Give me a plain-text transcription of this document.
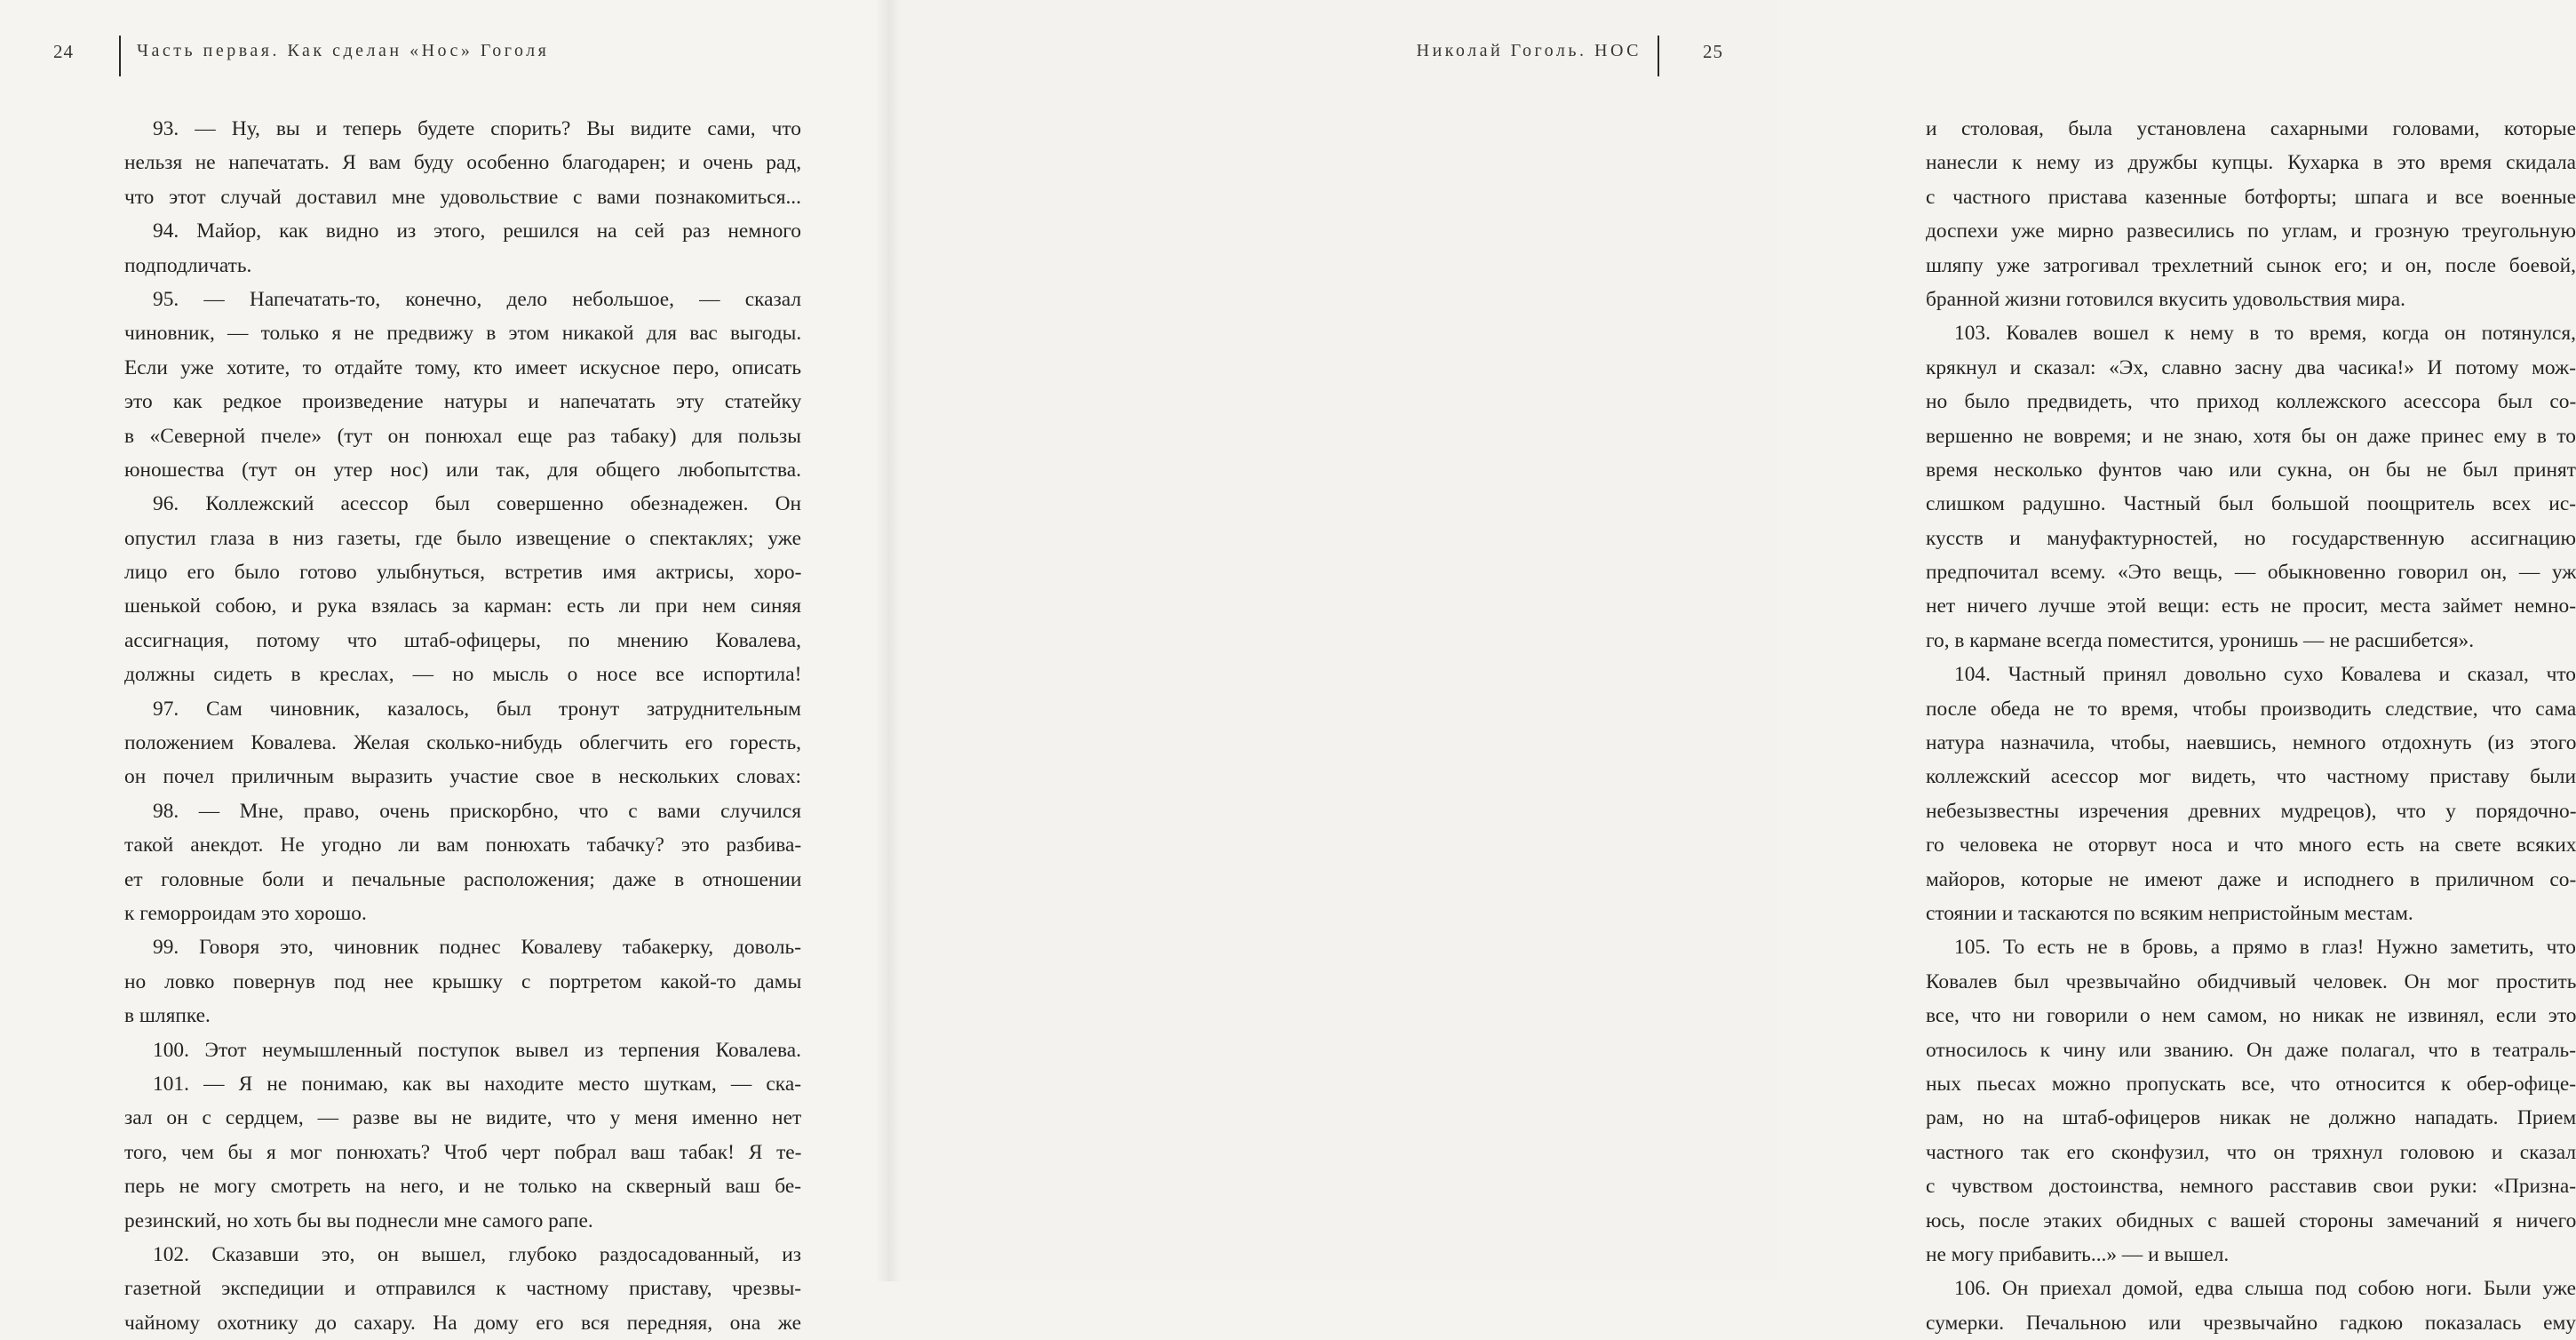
24	Часть первая. Как сделан «Нос» Гоголя
93. — Ну, вы и теперь будете спорить? Вы видите сами, что
нельзя не напечатать. Я вам буду особенно благодарен; и очень рад,
что этот случай доставил мне удовольствие с вами познакомиться...
94. Майор, как видно из этого, решился на сей раз немного
подподличать.
95. — Напечатать-то, конечно, дело небольшое, — сказал
чиновник, — только я не предвижу в этом никакой для вас выгоды.
Если уже хотите, то отдайте тому, кто имеет искусное перо, описать
это как редкое произведение натуры и напечатать эту статейку
в «Северной пчеле» (тут он понюхал еще раз табаку) для пользы
юношества (тут он утер нос) или так, для общего любопытства.
96. Коллежский асессор был совершенно обезнадежен. Он
опустил глаза в низ газеты, где было извещение о спектаклях; уже
лицо его было готово улыбнуться, встретив имя актрисы, хоро-
шенькой собою, и рука взялась за карман: есть ли при нем синяя
ассигнация, потому что штаб-офицеры, по мнению Ковалева,
должны сидеть в креслах, — но мысль о носе все испортила!
97. Сам чиновник, казалось, был тронут затруднительным
положением Ковалева. Желая сколько-нибудь облегчить его горесть,
он почел приличным выразить участие свое в нескольких словах:
98. — Мне, право, очень прискорбно, что с вами случился
такой анекдот. Не угодно ли вам понюхать табачку? это разбива-
ет головные боли и печальные расположения; даже в отношении
к геморроидам это хорошо.
99. Говоря это, чиновник поднес Ковалеву табакерку, доволь-
но ловко повернув под нее крышку с портретом какой-то дамы
в шляпке.
100. Этот неумышленный поступок вывел из терпения Ковалева.
101. — Я не понимаю, как вы находите место шуткам, — ска-
зал он с сердцем, — разве вы не видите, что у меня именно нет
того, чем бы я мог понюхать? Чтоб черт побрал ваш табак! Я те-
перь не могу смотреть на него, и не только на скверный ваш бе-
резинский, но хоть бы вы поднесли мне самого рапе.
102. Сказавши это, он вышел, глубоко раздосадованный, из
газетной экспедиции и отправился к частному приставу, чрезвы-
чайному охотнику до сахару. На дому его вся передняя, она же
Николай Гоголь. НОС	25
и столовая, была установлена сахарными головами, которые
нанесли к нему из дружбы купцы. Кухарка в это время скидала
с частного пристава казенные ботфорты; шпага и все военные
доспехи уже мирно развесились по углам, и грозную треугольную
шляпу уже затрогивал трехлетний сынок его; и он, после боевой,
бранной жизни готовился вкусить удовольствия мира.
103. Ковалев вошел к нему в то время, когда он потянулся,
крякнул и сказал: «Эх, славно засну два часика!» И потому мож-
но было предвидеть, что приход коллежского асессора был со-
вершенно не вовремя; и не знаю, хотя бы он даже принес ему в то
время несколько фунтов чаю или сукна, он бы не был принят
слишком радушно. Частный был большой поощритель всех ис-
кусств и мануфактурностей, но государственную ассигнацию
предпочитал всему. «Это вещь, — обыкновенно говорил он, — уж
нет ничего лучше этой вещи: есть не просит, места займет немно-
го, в кармане всегда поместится, уронишь — не расшибется».
104. Частный принял довольно сухо Ковалева и сказал, что
после обеда не то время, чтобы производить следствие, что сама
натура назначила, чтобы, наевшись, немного отдохнуть (из этого
коллежский асессор мог видеть, что частному приставу были
небезызвестны изречения древних мудрецов), что у порядочно-
го человека не оторвут носа и что много есть на свете всяких
майоров, которые не имеют даже и исподнего в приличном со-
стоянии и таскаются по всяким непристойным местам.
105. То есть не в бровь, а прямо в глаз! Нужно заметить, что
Ковалев был чрезвычайно обидчивый человек. Он мог простить
все, что ни говорили о нем самом, но никак не извинял, если это
относилось к чину или званию. Он даже полагал, что в театраль-
ных пьесах можно пропускать все, что относится к обер-офице-
рам, но на штаб-офицеров никак не должно нападать. Прием
частного так его сконфузил, что он тряхнул головою и сказал
с чувством достоинства, немного расставив свои руки: «Призна-
юсь, после этаких обидных с вашей стороны замечаний я ничего
не могу прибавить...» — и вышел.
106. Он приехал домой, едва слыша под собою ноги. Были уже
сумерки. Печальною или чрезвычайно гадкою показалась ему
